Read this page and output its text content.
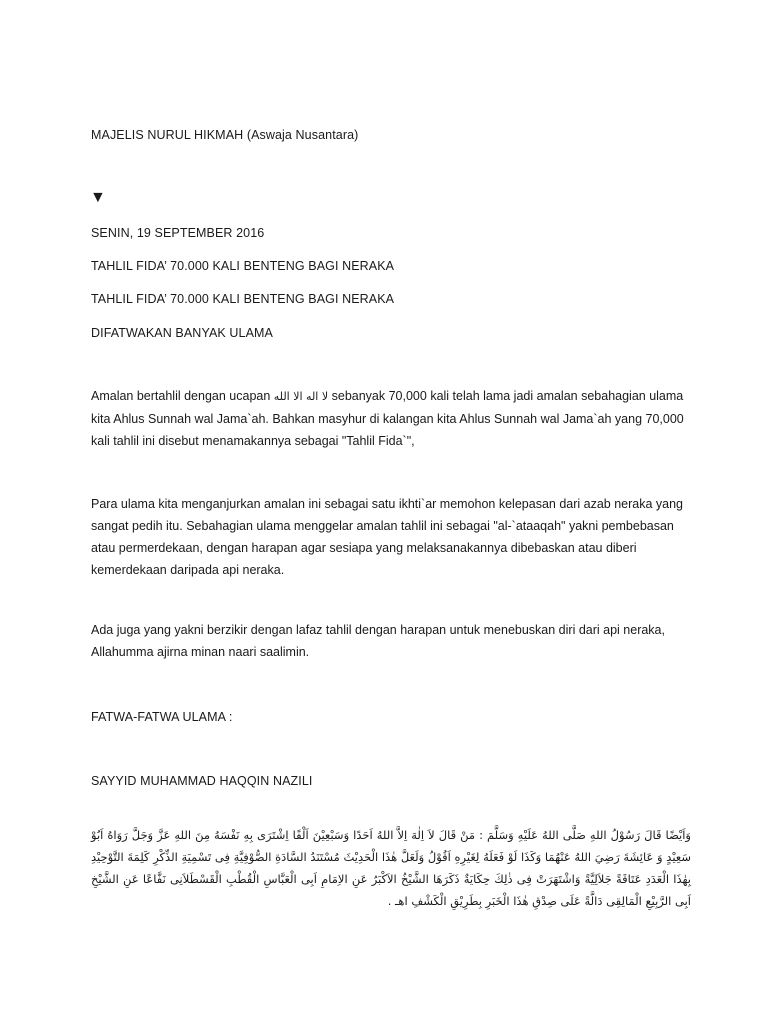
MAJELIS NURUL HIKMAH (Aswaja Nusantara)
▼
SENIN, 19 SEPTEMBER 2016
TAHLIL FIDA’ 70.000 KALI BENTENG BAGI NERAKA
TAHLIL FIDA’ 70.000 KALI BENTENG BAGI NERAKA
DIFATWAKAN BANYAK ULAMA
Amalan bertahlil dengan ucapan لا اله الا الله sebanyak 70,000 kali telah lama jadi amalan sebahagian ulama kita Ahlus Sunnah wal Jama`ah. Bahkan masyhur di kalangan kita Ahlus Sunnah wal Jama`ah yang 70,000 kali tahlil ini disebut menamakannya sebagai "Tahlil Fida`",
Para ulama kita menganjurkan amalan ini sebagai satu ikhti`ar memohon kelepasan dari azab neraka yang sangat pedih itu. Sebahagian ulama menggelar amalan tahlil ini sebagai "al-`ataaqah" yakni pembebasan atau permerdekaan, dengan harapan agar sesiapa yang melaksanakannya dibebaskan atau diberi kemerdekaan daripada api neraka.
Ada juga yang yakni berzikir dengan lafaz tahlil dengan harapan untuk menebuskan diri dari api neraka, Allahumma ajirna minan naari saalimin.
FATWA-FATWA ULAMA :
SAYYID MUHAMMAD HAQQIN NAZILI
وَاَيْضًا قَالَ رَسُوْلُ اللهِ صَلَّى اللهُ عَلَيْهِ وَسَلَّمَ : مَنْ قَالَ لاَ اِلٰهَ اِلاَّ اللهُ اَحَدًا وَسَبْعِيْنَ اَلْفًا اِشْتَرَى بِهِ نَفْسَهُ مِنَ اللهِ عَزَّ وَجَلَّ رَوَاهُ اَبُوْ سَعِيْدٍ وَ عَائِشَةَ رَضِيَ اللهُ عَنْهُمَا وَكَذَا لَوْ فَعَلَهُ لِغَيْرِهِ اَقُوْلُ وَلَعَلَّ هٰذَا الْحَدِيْثَ مُسْتَنَدُ السَّادَةِ الصُّوْفِيَّةِ فِى تَسْمِيَةِ الذِّكْرِ كَلِمَةَ التَّوْحِيْدِ بِهٰذَا الْعَدَدِ عَتَاقَةً جَلاَلِيَّةً وَاشْتَهَرَتْ فِى ذٰلِكَ حِكَايَةٌ ذَكَرَهَا الشَّيْخُ الاَكْبَرُ عَنِ الاِمَامِ اَبِى الْعَبَّاسِ الْقُطْبِ الْقَسْطَلاَنِى نَفَّاعًا عَنِ الشَّيْخِ اَبِى الرَّبِيْعِ الْمَالِقِى دَالَّةً عَلَى صِدْقِ هٰذَا الْخَبَرِ بِطَرِيْقِ الْكَشْفِ اهـ .
